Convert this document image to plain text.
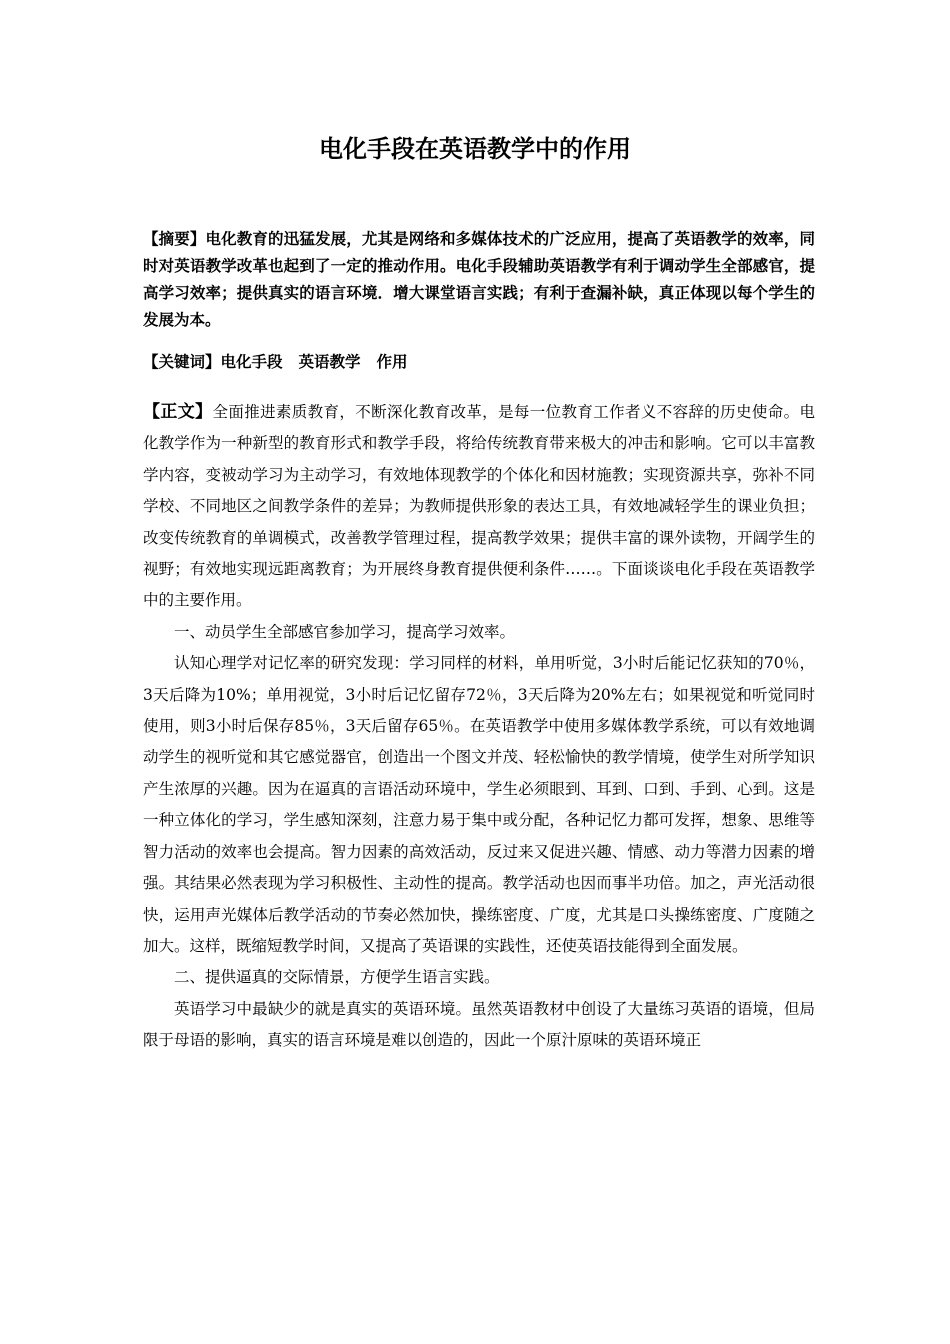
电化手段在英语教学中的作用
【摘要】电化教育的迅猛发展，尤其是网络和多媒体技术的广泛应用，提高了英语教学的效率，同时对英语教学改革也起到了一定的推动作用。电化手段辅助英语教学有利于调动学生全部感官，提高学习效率；提供真实的语言环境．增大课堂语言实践；有利于查漏补缺，真正体现以每个学生的发展为本。
【关键词】电化手段 英语教学 作用

【正文】全面推进素质教育，不断深化教育改革，是每一位教育工作者义不容辞的历史使命。电化教学作为一种新型的教育形式和教学手段，将给传统教育带来极大的冲击和影响。它可以丰富教学内容，变被动学习为主动学习，有效地体现教学的个体化和因材施教；实现资源共享，弥补不同学校、不同地区之间教学条件的差异；为教师提供形象的表达工具，有效地减轻学生的课业负担；改变传统教育的单调模式，改善教学管理过程，提高教学效果；提供丰富的课外读物，开阔学生的视野；有效地实现远距离教育；为开展终身教育提供便利条件……。下面谈谈电化手段在英语教学中的主要作用。

一、动员学生全部感官参加学习，提高学习效率。

认知心理学对记忆率的研究发现：学习同样的材料，单用听觉，3小时后能记忆获知的70％，3天后降为10%；单用视觉，3小时后记忆留存72％，3天后降为20%左右；如果视觉和听觉同时使用，则3小时后保存85％，3天后留存65％。在英语教学中使用多媒体教学系统，可以有效地调动学生的视听觉和其它感觉器官，创造出一个图文并茂、轻松愉快的教学情境，使学生对所学知识产生浓厚的兴趣。因为在逼真的言语活动环境中，学生必须眼到、耳到、口到、手到、心到。这是一种立体化的学习，学生感知深刻，注意力易于集中或分配，各种记忆力都可发挥，想象、思维等智力活动的效率也会提高。智力因素的高效活动，反过来又促进兴趣、情感、动力等潜力因素的增强。其结果必然表现为学习积极性、主动性的提高。教学活动也因而事半功倍。加之，声光活动很快，运用声光媒体后教学活动的节奏必然加快，操练密度、广度，尤其是口头操练密度、广度随之加大。这样，既缩短教学时间，又提高了英语课的实践性，还使英语技能得到全面发展。

二、提供逼真的交际情景，方便学生语言实践。

英语学习中最缺少的就是真实的英语环境。虽然英语教材中创设了大量练习英语的语境，但局限于母语的影响，真实的语言环境是难以创造的，因此一个原汁原味的英语环境正
